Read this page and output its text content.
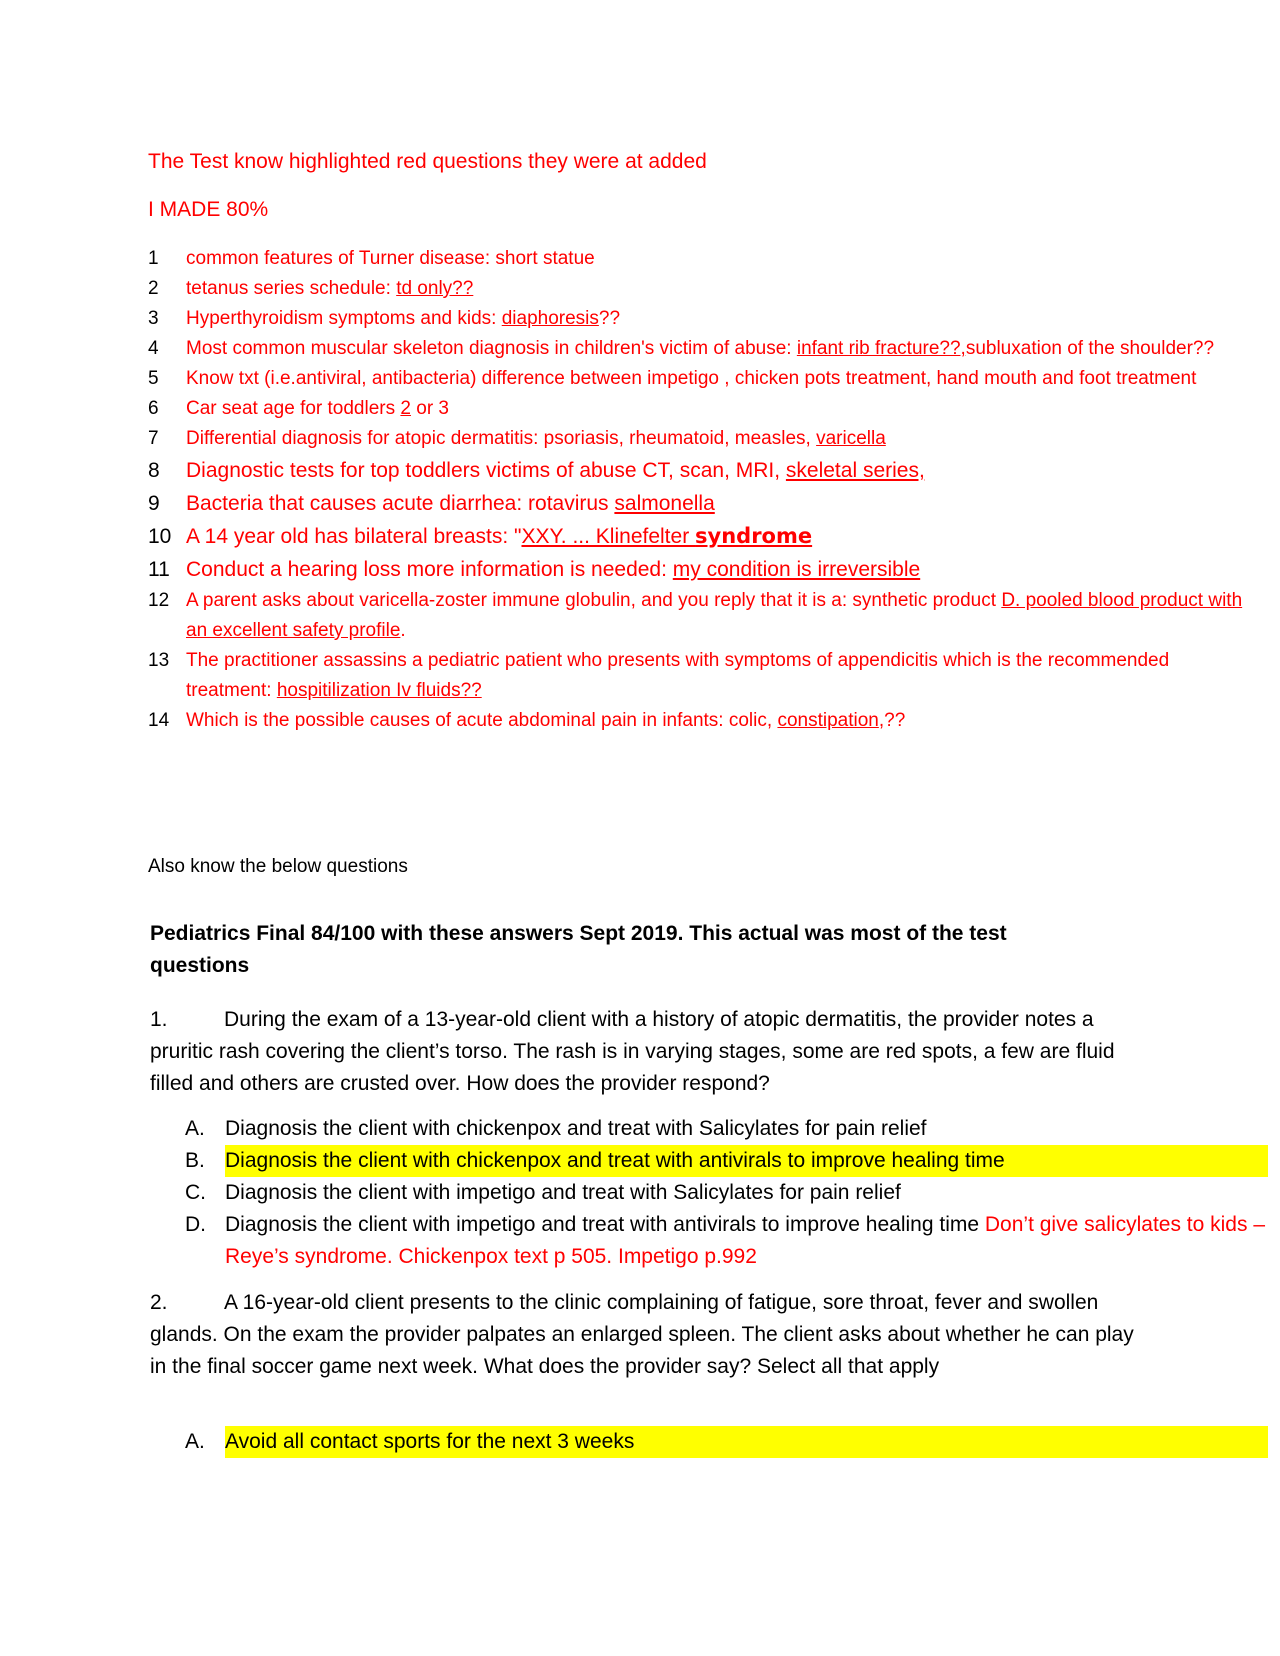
The Test know highlighted red questions they were at added
I MADE 80%
1	common features of Turner disease: short statue
2	tetanus series schedule: td only??
3	Hyperthyroidism symptoms and kids: diaphoresis??
4	Most common muscular skeleton diagnosis in children's victim of abuse: infant rib fracture??,subluxation of the shoulder??
5	Know txt (i.e.antiviral, antibacteria) difference between impetigo , chicken pots treatment, hand mouth and foot treatment
6	Car seat age for toddlers 2 or 3
7	Differential diagnosis for atopic dermatitis: psoriasis, rheumatoid, measles, varicella
8	Diagnostic tests for top toddlers victims of abuse CT, scan, MRI, skeletal series,
9	Bacteria that causes acute diarrhea: rotavirus salmonella
10 A 14 year old has bilateral breasts: "XXY. ... Klinefelter syndrome
11 Conduct a hearing loss more information is needed: my condition is irreversible
12 A parent asks about varicella-zoster immune globulin, and you reply that it is a: synthetic product D. pooled blood product with an excellent safety profile.
13 The practitioner assassins a pediatric patient who presents with symptoms of appendicitis which is the recommended treatment: hospitilization Iv fluids??
14 Which is the possible causes of acute abdominal pain in infants: colic, constipation,??
Also know the below questions
Pediatrics Final 84/100 with these answers Sept 2019. This actual was most of the test questions
1.	During the exam of a 13-year-old client with a history of atopic dermatitis, the provider notes a pruritic rash covering the client’s torso. The rash is in varying stages, some are red spots, a few are fluid filled and others are crusted over. How does the provider respond?
A. Diagnosis the client with chickenpox and treat with Salicylates for pain relief
B. Diagnosis the client with chickenpox and treat with antivirals to improve healing time
C. Diagnosis the client with impetigo and treat with Salicylates for pain relief
D. Diagnosis the client with impetigo and treat with antivirals to improve healing time Don’t give salicylates to kids – Reye’s syndrome. Chickenpox text p 505. Impetigo p.992
2.	A 16-year-old client presents to the clinic complaining of fatigue, sore throat, fever and swollen glands. On the exam the provider palpates an enlarged spleen. The client asks about whether he can play in the final soccer game next week. What does the provider say? Select all that apply
A. Avoid all contact sports for the next 3 weeks
